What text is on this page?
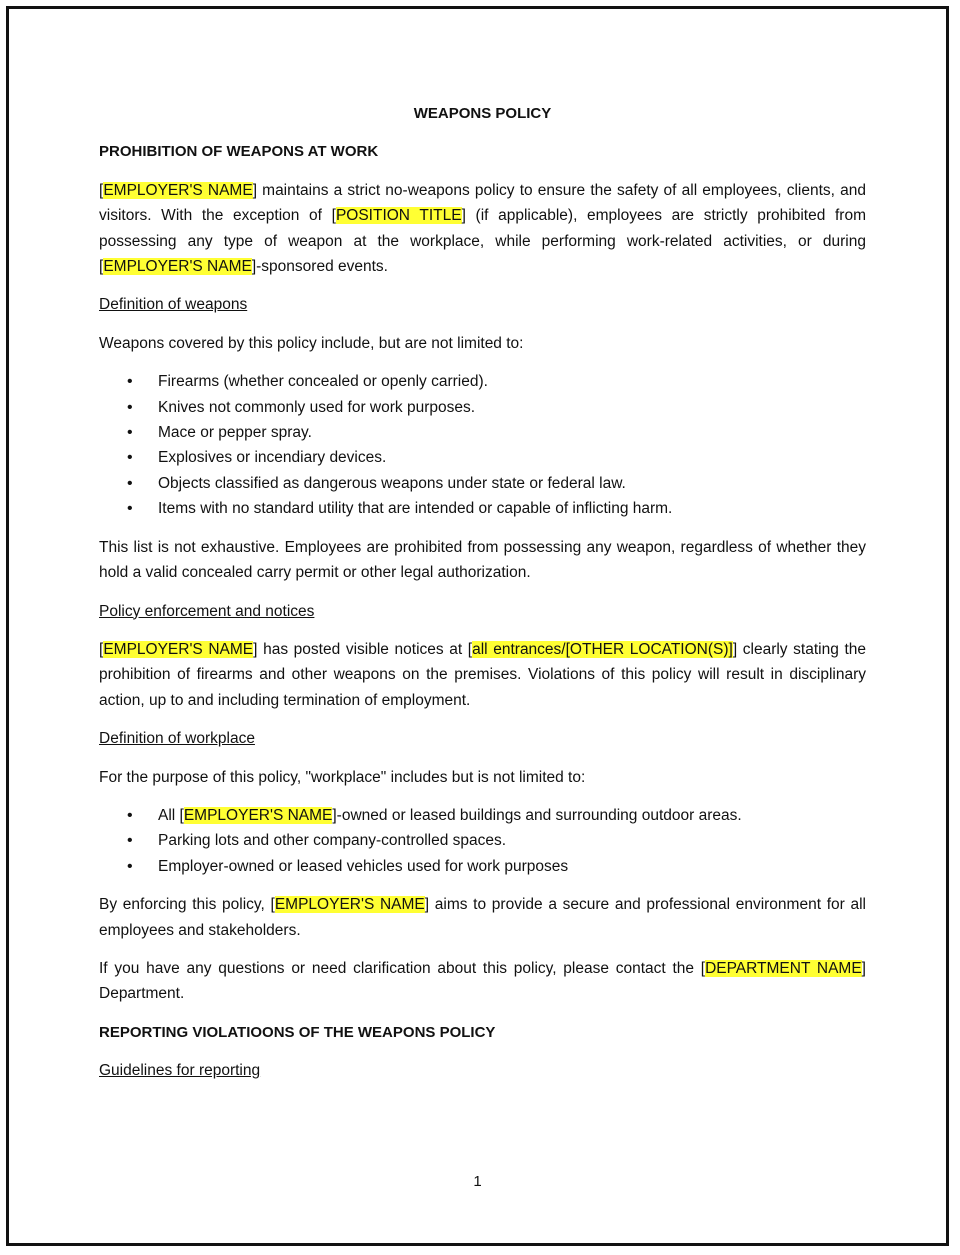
WEAPONS POLICY
PROHIBITION OF WEAPONS AT WORK

[EMPLOYER'S NAME] maintains a strict no-weapons policy to ensure the safety of all employees, clients, and visitors. With the exception of [POSITION TITLE] (if applicable), employees are strictly prohibited from possessing any type of weapon at the workplace, while performing work-related activities, or during [EMPLOYER'S NAME]-sponsored events.

Definition of weapons

Weapons covered by this policy include, but are not limited to:

• Firearms (whether concealed or openly carried).
• Knives not commonly used for work purposes.
• Mace or pepper spray.
• Explosives or incendiary devices.
• Objects classified as dangerous weapons under state or federal law.
• Items with no standard utility that are intended or capable of inflicting harm.

This list is not exhaustive. Employees are prohibited from possessing any weapon, regardless of whether they hold a valid concealed carry permit or other legal authorization.

Policy enforcement and notices

[EMPLOYER'S NAME] has posted visible notices at [all entrances/[OTHER LOCATION(S)]] clearly stating the prohibition of firearms and other weapons on the premises. Violations of this policy will result in disciplinary action, up to and including termination of employment.

Definition of workplace

For the purpose of this policy, "workplace" includes but is not limited to:

• All [EMPLOYER'S NAME]-owned or leased buildings and surrounding outdoor areas.
• Parking lots and other company-controlled spaces.
• Employer-owned or leased vehicles used for work purposes

By enforcing this policy, [EMPLOYER'S NAME] aims to provide a secure and professional environment for all employees and stakeholders.

If you have any questions or need clarification about this policy, please contact the [DEPARTMENT NAME] Department.

REPORTING VIOLATIOONS OF THE WEAPONS POLICY
Guidelines for reporting
1
